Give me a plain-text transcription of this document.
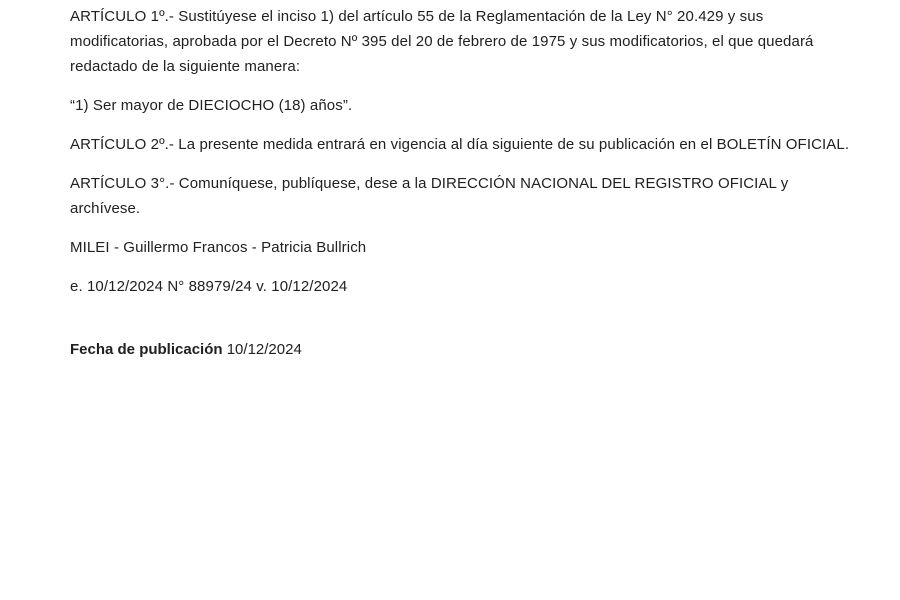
ARTÍCULO 1º.- Sustitúyese el inciso 1) del artículo 55 de la Reglamentación de la Ley N° 20.429 y sus
modificatorias, aprobada por el Decreto Nº 395 del 20 de febrero de 1975 y sus modificatorios, el que quedará
redactado de la siguiente manera:

“1) Ser mayor de DIECIOCHO (18) años”.

ARTÍCULO 2º.- La presente medida entrará en vigencia al día siguiente de su publicación en el BOLETÍN OFICIAL.

ARTÍCULO 3°.- Comuníquese, publíquese, dese a la DIRECCIÓN NACIONAL DEL REGISTRO OFICIAL y
archívese.

MILEI - Guillermo Francos - Patricia Bullrich

e. 10/12/2024 N° 88979/24 v. 10/12/2024

Fecha de publicación 10/12/2024
